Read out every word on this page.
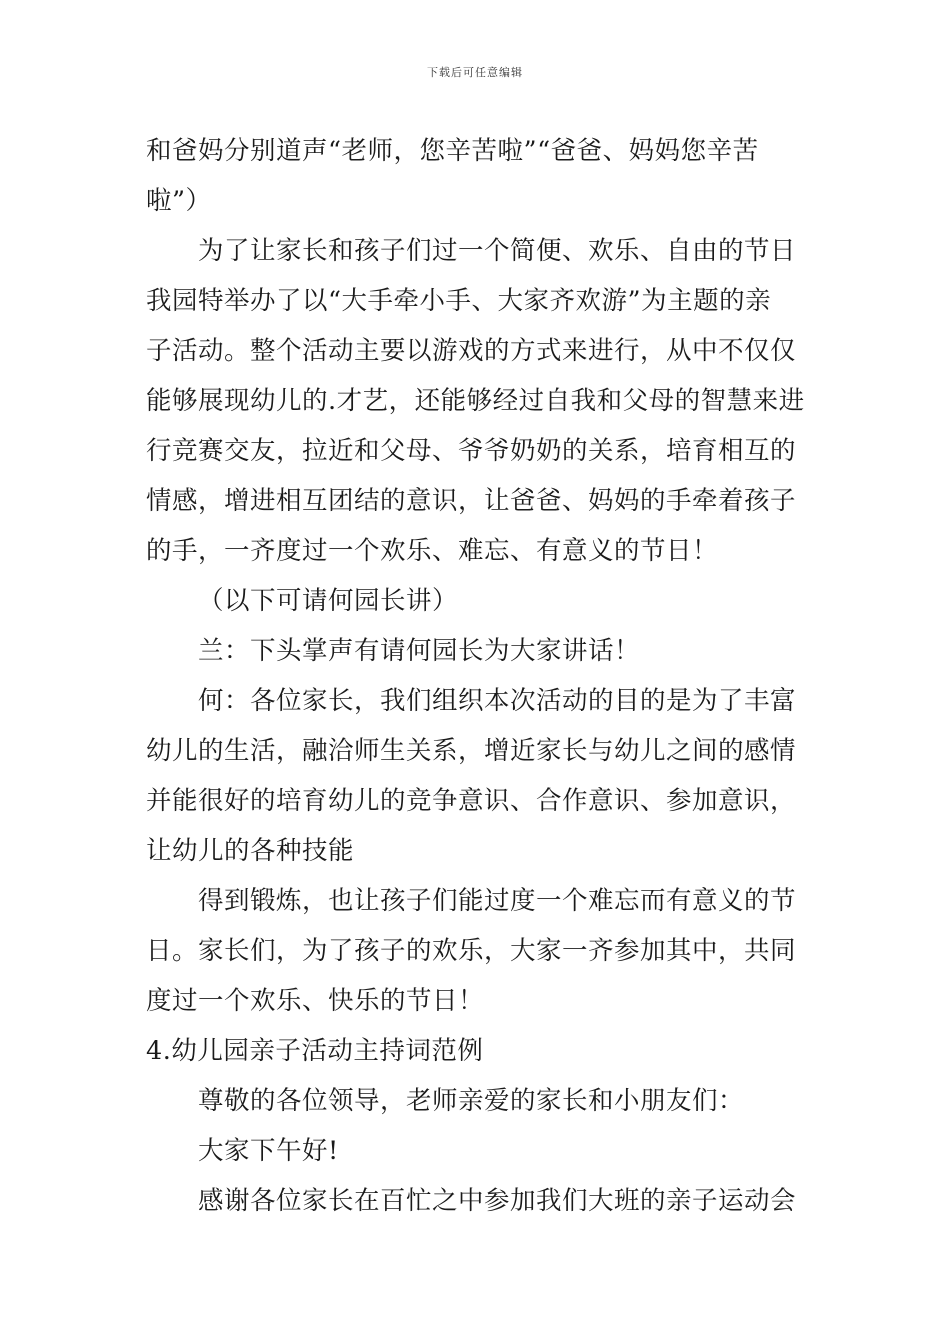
下载后可任意编辑
和爸妈分别道声“老师，您辛苦啦”“爸爸、妈妈您辛苦
啦”）
为了让家长和孩子们过一个简便、欢乐、自由的节日
我园特举办了以“大手牵小手、大家齐欢游”为主题的亲
子活动。整个活动主要以游戏的方式来进行，从中不仅仅
能够展现幼儿的.才艺，还能够经过自我和父母的智慧来进
行竞赛交友，拉近和父母、爷爷奶奶的关系，培育相互的
情感，增进相互团结的意识，让爸爸、妈妈的手牵着孩子
的手，一齐度过一个欢乐、难忘、有意义的节日！
（以下可请何园长讲）
兰：下头掌声有请何园长为大家讲话！
何：各位家长，我们组织本次活动的目的是为了丰富
幼儿的生活，融洽师生关系，增近家长与幼儿之间的感情
并能很好的培育幼儿的竞争意识、合作意识、参加意识，
让幼儿的各种技能
得到锻炼，也让孩子们能过度一个难忘而有意义的节
日。家长们，为了孩子的欢乐，大家一齐参加其中，共同
度过一个欢乐、快乐的节日！
4.幼儿园亲子活动主持词范例
尊敬的各位领导，老师亲爱的家长和小朋友们：
大家下午好!
感谢各位家长在百忙之中参加我们大班的亲子运动会
